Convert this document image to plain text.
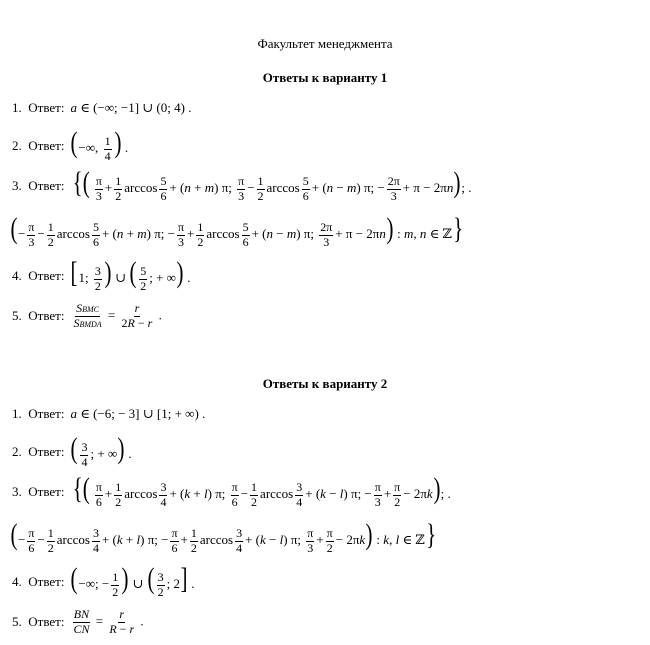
Факультет менеджмента
Ответы к варианту 1
1. Ответ: a ∈ (−∞; −1] ∪ (0; 4) .
2. Ответ: (−∞, $\frac{1}{4}$ ) .
3. Ответ: {( $\frac{\pi}{3} + \frac{1}{2}$ $\arccos \frac{5}{6} + (n + m)$ π; $\frac{\pi}{3} - \frac{1}{2}$ $\arccos \frac{5}{6} + (n - m) \pi$; − $\frac{2\pi}{3} + \pi - 2\pi n$); .
(− $\frac{\pi}{3} - \frac{1}{2}$ $\arccos \frac{5}{6} + (n + m) \pi$; − $\frac{\pi}{3} + \frac{1}{2}$ $\arccos \frac{5}{6} + (n - m)$ π; $\frac{2\pi}{3} + \pi - 2\pi n$) : m, n ∈ ℤ}
4. Ответ: [1; $\frac{3}{2}$ ) ∪ ( $\frac{5}{2}$ ; + ∞) .
5. Ответ: $\frac{\text{SBMC}}{\text{SBMDA}} = \frac{r}{2R - r}$ .
Ответы к варианту 2
1. Ответ: a ∈ (−6; − 3] ∪ [1; + ∞) .
2. Ответ: ( $\frac{3}{4}$ ; + ∞) .
3. Ответ: {( $\frac{\pi}{6} + \frac{1}{2}$ $\arccos \frac{3}{4} + (k + l)$ π; $\frac{\pi}{6} - \frac{1}{2}$ $\arccos \frac{3}{4} + (k - l) \pi$; − $\frac{\pi}{3} + \frac{\pi}{2} - 2\pi k$); .
(− $\frac{\pi}{6} - \frac{1}{2}$ $\arccos \frac{3}{4} + (k + l) \pi$; − $\frac{\pi}{6} + \frac{1}{2}$ $\arccos \frac{3}{4} + (k - l)$ π; $\frac{\pi}{3} + \frac{\pi}{2} - 2\pi k$) : k, l ∈ ℤ}
4. Ответ: (−∞; − $\frac{1}{2}$ ) ∪ ( $\frac{3}{2}$ ; 2] .
5. Ответ: $\frac{BN}{CN} = \frac{r}{R - r}$ .
